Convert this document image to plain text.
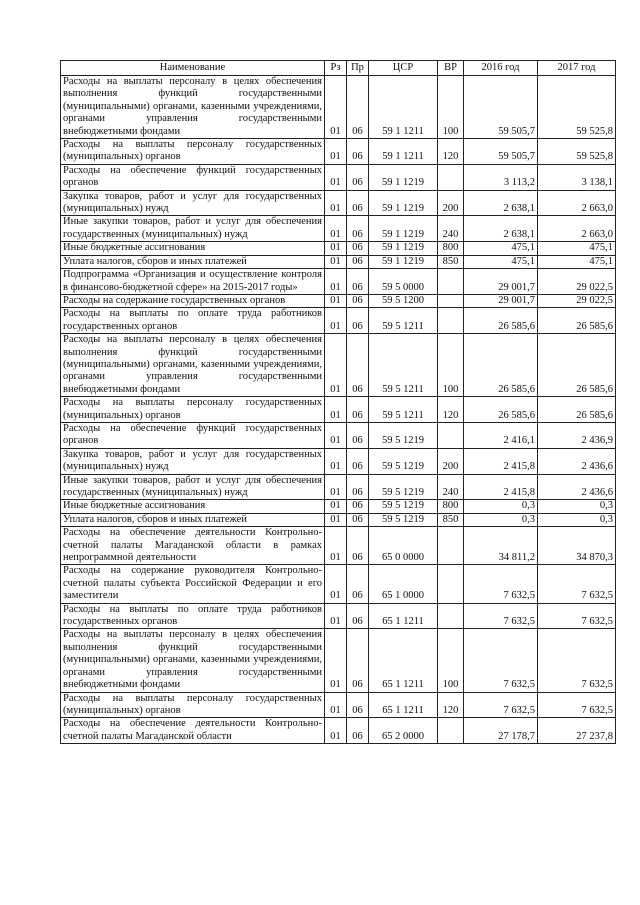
Наименование	Рз	Пр	ЦСР	ВР	2016 год	2017 год
Расходы на выплаты персоналу в целях обеспечения выполнения функций государственными (муниципальными) органами, казенными учреждениями, органами управления государственными внебюджетными фондами	01	06	59 1 1211	100	59 505,7	59 525,8
Расходы на выплаты персоналу государственных (муниципальных) органов	01	06	59 1 1211	120	59 505,7	59 525,8
Расходы на обеспечение функций государственных органов	01	06	59 1 1219		3 113,2	3 138,1
Закупка товаров, работ и услуг для государственных (муниципальных) нужд	01	06	59 1 1219	200	2 638,1	2 663,0
Иные закупки товаров, работ и услуг для обеспечения государственных (муниципальных) нужд	01	06	59 1 1219	240	2 638,1	2 663,0
Иные бюджетные ассигнования	01	06	59 1 1219	800	475,1	475,1
Уплата налогов, сборов и иных платежей	01	06	59 1 1219	850	475,1	475,1
Подпрограмма «Организация и осуществление контроля в финансово-бюджетной сфере» на 2015-2017 годы»	01	06	59 5 0000		29 001,7	29 022,5
Расходы на содержание государственных органов	01	06	59 5 1200		29 001,7	29 022,5
Расходы на выплаты по оплате труда работников государственных органов	01	06	59 5 1211		26 585,6	26 585,6
Расходы на выплаты персоналу в целях обеспечения выполнения функций государственными (муниципальными) органами, казенными учреждениями, органами управления государственными внебюджетными фондами	01	06	59 5 1211	100	26 585,6	26 585,6
Расходы на выплаты персоналу государственных (муниципальных) органов	01	06	59 5 1211	120	26 585,6	26 585,6
Расходы на обеспечение функций государственных органов	01	06	59 5 1219		2 416,1	2 436,9
Закупка товаров, работ и услуг для государственных (муниципальных) нужд	01	06	59 5 1219	200	2 415,8	2 436,6
Иные закупки товаров, работ и услуг для обеспечения государственных (муниципальных) нужд	01	06	59 5 1219	240	2 415,8	2 436,6
Иные бюджетные ассигнования	01	06	59 5 1219	800	0,3	0,3
Уплата налогов, сборов и иных платежей	01	06	59 5 1219	850	0,3	0,3
Расходы на обеспечение деятельности Контрольно-счетной палаты Магаданской области в рамках непрограммной деятельности	01	06	65 0 0000		34 811,2	34 870,3
Расходы на содержание руководителя Контрольно-счетной палаты субъекта Российской Федерации и его заместители	01	06	65 1 0000		7 632,5	7 632,5
Расходы на выплаты по оплате труда работников государственных органов	01	06	65 1 1211		7 632,5	7 632,5
Расходы на выплаты персоналу в целях обеспечения выполнения функций государственными (муниципальными) органами, казенными учреждениями, органами управления государственными внебюджетными фондами	01	06	65 1 1211	100	7 632,5	7 632,5
Расходы на выплаты персоналу государственных (муниципальных) органов	01	06	65 1 1211	120	7 632,5	7 632,5
Расходы на обеспечение деятельности Контрольно-счетной палаты Магаданской области	01	06	65 2 0000		27 178,7	27 237,8
